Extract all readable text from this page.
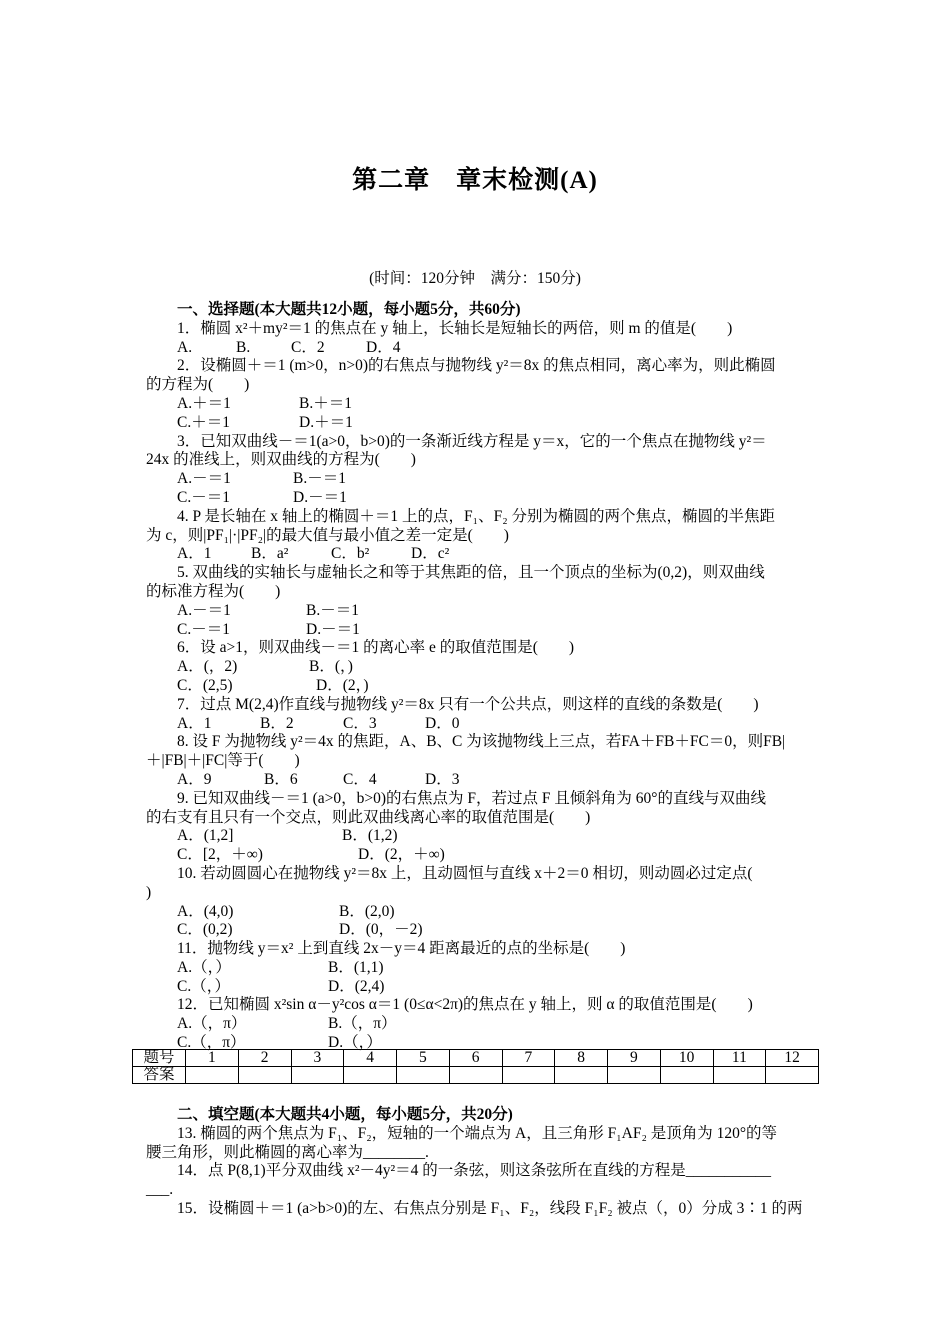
第二章　章末检测(A)
(时间：120分钟　满分：150分)
一、选择题(本大题共12小题，每小题5分，共60分)
1．椭圆 x²＋my²＝1 的焦点在 y 轴上，长轴长是短轴长的两倍，则 m 的值是(　　)
A.	B.	C．2	D．4
2．设椭圆＋＝1 (m>0，n>0)的右焦点与抛物线 y²＝8x 的焦点相同，离心率为，则此椭圆
的方程为(　　)
A.＋＝1	B.＋＝1
C.＋＝1	D.＋＝1
3．已知双曲线－＝1(a>0，b>0)的一条渐近线方程是 y＝x，它的一个焦点在抛物线 y²＝
24x 的准线上，则双曲线的方程为(　　)
A.－＝1	B.－＝1
C.－＝1	D.－＝1
4. P 是长轴在 x 轴上的椭圆＋＝1 上的点，F₁、F₂ 分别为椭圆的两个焦点，椭圆的半焦距
为 c，则|PF₁|·|PF₂|的最大值与最小值之差一定是(　　)
A．1	B．a²	C．b²	D．c²
5. 双曲线的实轴长与虚轴长之和等于其焦距的倍，且一个顶点的坐标为(0,2)，则双曲线
的标准方程为(　　)
A.－＝1	B.－＝1
C.－＝1	D.－＝1
6．设 a>1，则双曲线－＝1 的离心率 e 的取值范围是(　　)
A．(，2)	B．(，)
C．(2,5)	D．(2，)
7．过点 M(2,4)作直线与抛物线 y²＝8x 只有一个公共点，则这样的直线的条数是(　　)
A．1	B．2	C．3	D．0
8. 设 F 为抛物线 y²＝4x 的焦距，A、B、C 为该抛物线上三点，若FA＋FB＋FC＝0，则FB|
＋|FB|＋|FC|等于(　　)
A．9	B．6	C．4	D．3
9. 已知双曲线－＝1 (a>0，b>0)的右焦点为 F，若过点 F 且倾斜角为 60°的直线与双曲线
的右支有且只有一个交点，则此双曲线离心率的取值范围是(　　)
A．(1,2]	B．(1,2)
C．[2，＋∞)	D．(2，＋∞)
10. 若动圆圆心在抛物线 y²＝8x 上，且动圆恒与直线 x＋2＝0 相切，则动圆必过定点(
)
A．(4,0)	B．(2,0)
C．(0,2)	D．(0，－2)
11．抛物线 y＝x² 上到直线 2x－y＝4 距离最近的点的坐标是(　　)
A.（，）	B．(1,1)
C.（，）	D．(2,4)
12．已知椭圆 x²sin α－y²cos α＝1 (0≤α<2π)的焦点在 y 轴上，则 α 的取值范围是(　　)
A.（，π）	B.（，π）
C.（，π）	D.（，）
题号	1	2	3	4	5	6	7	8	9	10	11	12
答案												
二、填空题(本大题共4小题，每小题5分，共20分)
13. 椭圆的两个焦点为 F₁、F₂，短轴的一个端点为 A，且三角形 F₁AF₂ 是顶角为 120°的等
腰三角形，则此椭圆的离心率为________.
14．点 P(8,1)平分双曲线 x²－4y²＝4 的一条弦，则这条弦所在直线的方程是___________
___.
15．设椭圆＋＝1 (a>b>0)的左、右焦点分别是 F₁、F₂，线段 F₁F₂ 被点（，0）分成 3∶1 的两
